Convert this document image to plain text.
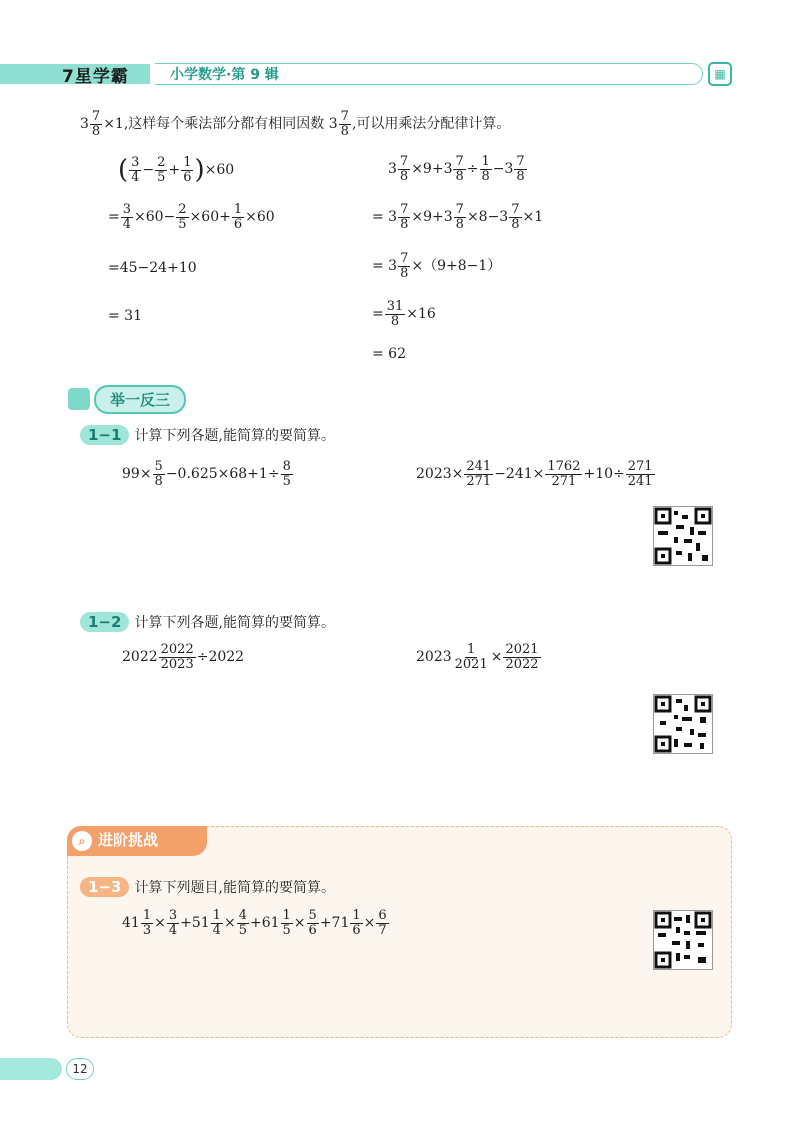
7星学霸	小学数学·第 9 辑	▦
$3 \frac{7}{8} \times 1$,这样每个乘法部分都有相同因数 $3 \frac{7}{8}$ ,可以用乘法分配律计算。
( $\frac{3}{4} - \frac{2}{5} + \frac{1}{6} )\times 60$
= $\frac{3}{4} \times 60- \frac{2}{5} \times 60+ \frac{1}{6} \times 60$
=45−24+10
= 31
$3 \frac{7}{8} \times 9+3 \frac{7}{8} \div \frac{1}{8} -3 \frac{7}{8}$
= $3 \frac{7}{8} \times 9+3 \frac{7}{8} \times 8-3 \frac{7}{8} \times 1$
= $3 \frac{7}{8} \times(9+8-1)$
= $\frac{31}{8} \times 16$
= 62
举一反三
1−1 计算下列各题,能简算的要简算。
$99\times \frac{5}{8} -0.625\times 68+1\div \frac{8}{5}$	$2023\times \frac{241}{271} -241\times \frac{1762}{271} +10\div \frac{271}{241}$
1−2 计算下列各题,能简算的要简算。
$2022 \frac{2022}{2023} \div 2022$	$2023 \frac{1}{2021} \times \frac{2021}{2022}$
⌕ 进阶挑战
1−3 计算下列题目,能简算的要简算。
$41 \frac{1}{3} \times \frac{3}{4} +51 \frac{1}{4} \times \frac{4}{5} +61 \frac{1}{5} \times \frac{5}{6} +71 \frac{1}{6} \times \frac{6}{7}$
12
